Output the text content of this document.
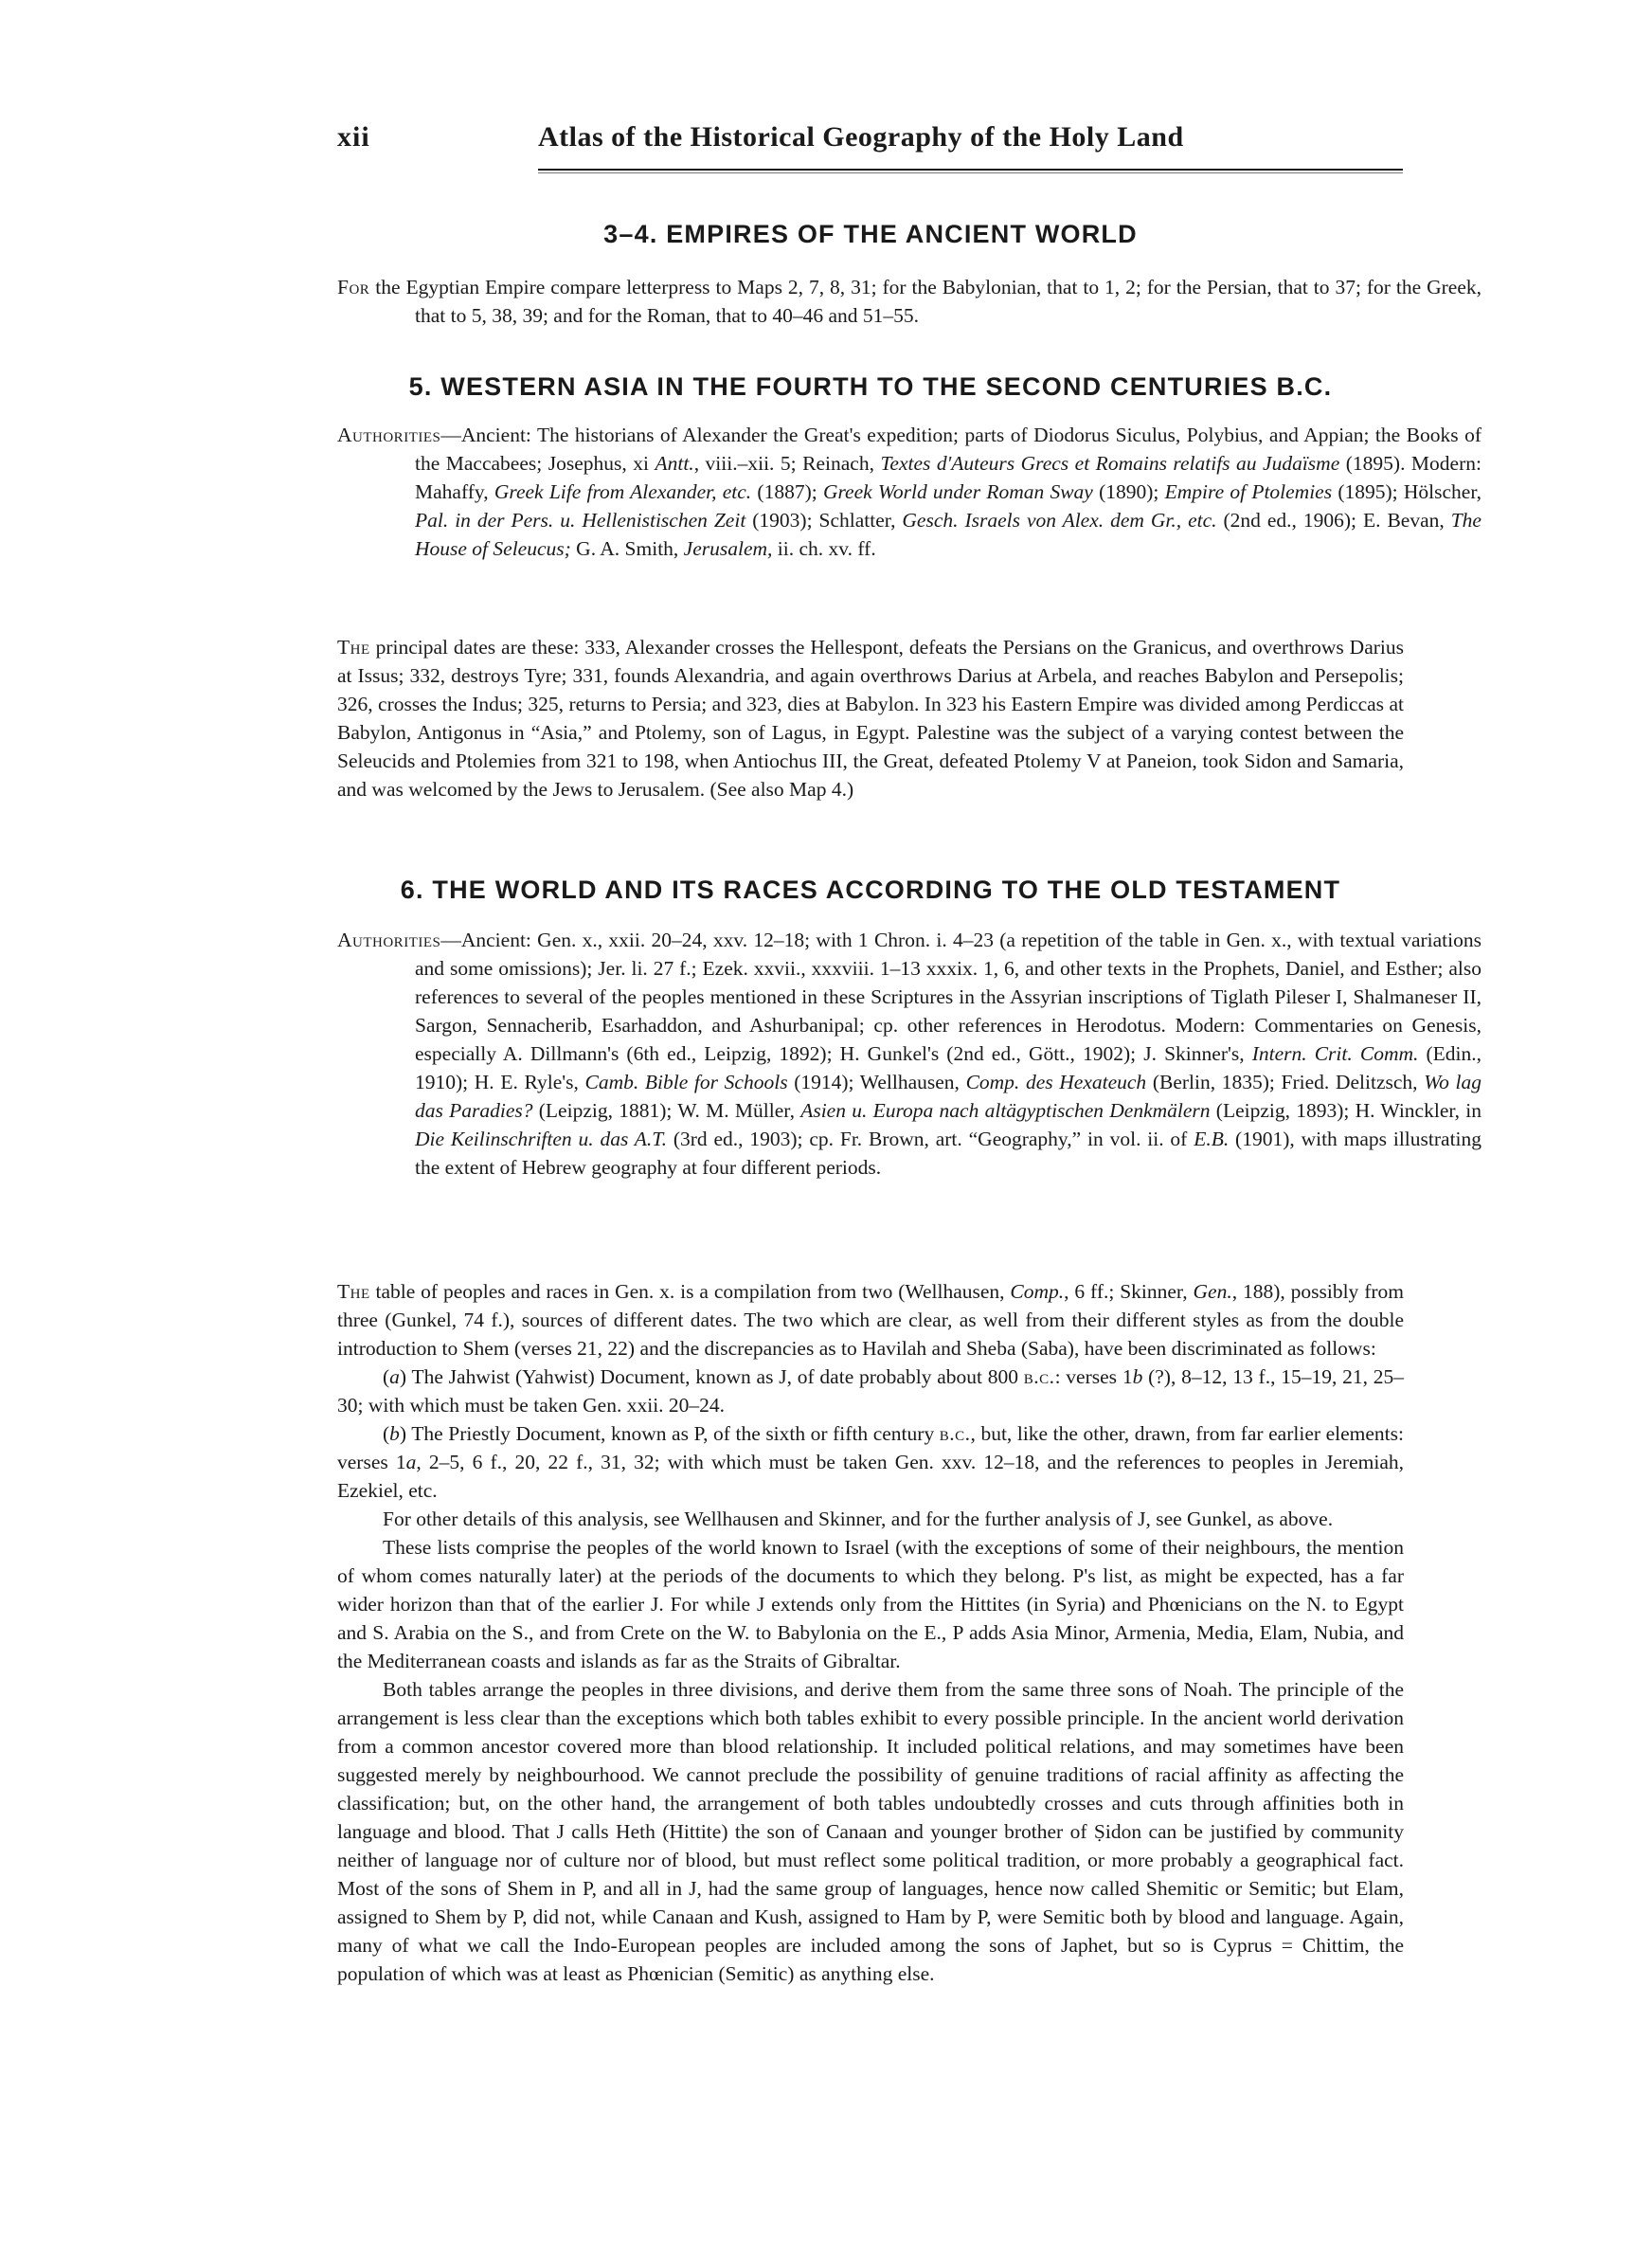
xii	Atlas of the Historical Geography of the Holy Land
3–4. EMPIRES OF THE ANCIENT WORLD
For the Egyptian Empire compare letterpress to Maps 2, 7, 8, 31; for the Babylonian, that to 1, 2; for the Persian, that to 37; for the Greek, that to 5, 38, 39; and for the Roman, that to 40–46 and 51–55.
5. WESTERN ASIA IN THE FOURTH TO THE SECOND CENTURIES B.C.
Authorities—Ancient: The historians of Alexander the Great's expedition; parts of Diodorus Siculus, Polybius, and Appian; the Books of the Maccabees; Josephus, xi Antt., viii.–xii. 5; Reinach, Textes d'Auteurs Grecs et Romains relatifs au Judaïsme (1895). Modern: Mahaffy, Greek Life from Alexander, etc. (1887); Greek World under Roman Sway (1890); Empire of Ptolemies (1895); Hölscher, Pal. in der Pers. u. Hellenistischen Zeit (1903); Schlatter, Gesch. Israels von Alex. dem Gr., etc. (2nd ed., 1906); E. Bevan, The House of Seleucus; G. A. Smith, Jerusalem, ii. ch. xv. ff.
The principal dates are these: 333, Alexander crosses the Hellespont, defeats the Persians on the Granicus, and overthrows Darius at Issus; 332, destroys Tyre; 331, founds Alexandria, and again overthrows Darius at Arbela, and reaches Babylon and Persepolis; 326, crosses the Indus; 325, returns to Persia; and 323, dies at Babylon. In 323 his Eastern Empire was divided among Perdiccas at Babylon, Antigonus in “Asia,” and Ptolemy, son of Lagus, in Egypt. Palestine was the subject of a varying contest between the Seleucids and Ptolemies from 321 to 198, when Antiochus III, the Great, defeated Ptolemy V at Paneion, took Sidon and Samaria, and was welcomed by the Jews to Jerusalem. (See also Map 4.)
6. THE WORLD AND ITS RACES ACCORDING TO THE OLD TESTAMENT
Authorities—Ancient: Gen. x., xxii. 20–24, xxv. 12–18; with 1 Chron. i. 4–23 (a repetition of the table in Gen. x., with textual variations and some omissions); Jer. li. 27 f.; Ezek. xxvii., xxxviii. 1–13 xxxix. 1, 6, and other texts in the Prophets, Daniel, and Esther; also references to several of the peoples mentioned in these Scriptures in the Assyrian inscriptions of Tiglath Pileser I, Shalmaneser II, Sargon, Sennacherib, Esarhaddon, and Ashurbanipal; cp. other references in Herodotus. Modern: Commentaries on Genesis, especially A. Dillmann's (6th ed., Leipzig, 1892); H. Gunkel's (2nd ed., Gött., 1902); J. Skinner's, Intern. Crit. Comm. (Edin., 1910); H. E. Ryle's, Camb. Bible for Schools (1914); Wellhausen, Comp. des Hexateuch (Berlin, 1835); Fried. Delitzsch, Wo lag das Paradies? (Leipzig, 1881); W. M. Müller, Asien u. Europa nach altägyptischen Denkmälern (Leipzig, 1893); H. Winckler, in Die Keilinschriften u. das A.T. (3rd ed., 1903); cp. Fr. Brown, art. “Geography,” in vol. ii. of E.B. (1901), with maps illustrating the extent of Hebrew geography at four different periods.

The table of peoples and races in Gen. x. is a compilation from two (Wellhausen, Comp., 6 ff.; Skinner, Gen., 188), possibly from three (Gunkel, 74 f.), sources of different dates. The two which are clear, as well from their different styles as from the double introduction to Shem (verses 21, 22) and the discrepancies as to Havilah and Sheba (Saba), have been discriminated as follows:

(a) The Jahwist (Yahwist) Document, known as J, of date probably about 800 b.c.: verses 1b (?), 8–12, 13 f., 15–19, 21, 25–30; with which must be taken Gen. xxii. 20–24.

(b) The Priestly Document, known as P, of the sixth or fifth century b.c., but, like the other, drawn, from far earlier elements: verses 1a, 2–5, 6 f., 20, 22 f., 31, 32; with which must be taken Gen. xxv. 12–18, and the references to peoples in Jeremiah, Ezekiel, etc.

For other details of this analysis, see Wellhausen and Skinner, and for the further analysis of J, see Gunkel, as above.

These lists comprise the peoples of the world known to Israel (with the exceptions of some of their neighbours, the mention of whom comes naturally later) at the periods of the documents to which they belong. P's list, as might be expected, has a far wider horizon than that of the earlier J. For while J extends only from the Hittites (in Syria) and Phœnicians on the N. to Egypt and S. Arabia on the S., and from Crete on the W. to Babylonia on the E., P adds Asia Minor, Armenia, Media, Elam, Nubia, and the Mediterranean coasts and islands as far as the Straits of Gibraltar.

Both tables arrange the peoples in three divisions, and derive them from the same three sons of Noah. The principle of the arrangement is less clear than the exceptions which both tables exhibit to every possible principle. In the ancient world derivation from a common ancestor covered more than blood relationship. It included political relations, and may sometimes have been suggested merely by neighbourhood. We cannot preclude the possibility of genuine traditions of racial affinity as affecting the classification; but, on the other hand, the arrangement of both tables undoubtedly crosses and cuts through affinities both in language and blood. That J calls Heth (Hittite) the son of Canaan and younger brother of Ṣidon can be justified by community neither of language nor of culture nor of blood, but must reflect some political tradition, or more probably a geographical fact. Most of the sons of Shem in P, and all in J, had the same group of languages, hence now called Shemitic or Semitic; but Elam, assigned to Shem by P, did not, while Canaan and Kush, assigned to Ham by P, were Semitic both by blood and language. Again, many of what we call the Indo-European peoples are included among the sons of Japhet, but so is Cyprus = Chittim, the population of which was at least as Phœnician (Semitic) as anything else.
